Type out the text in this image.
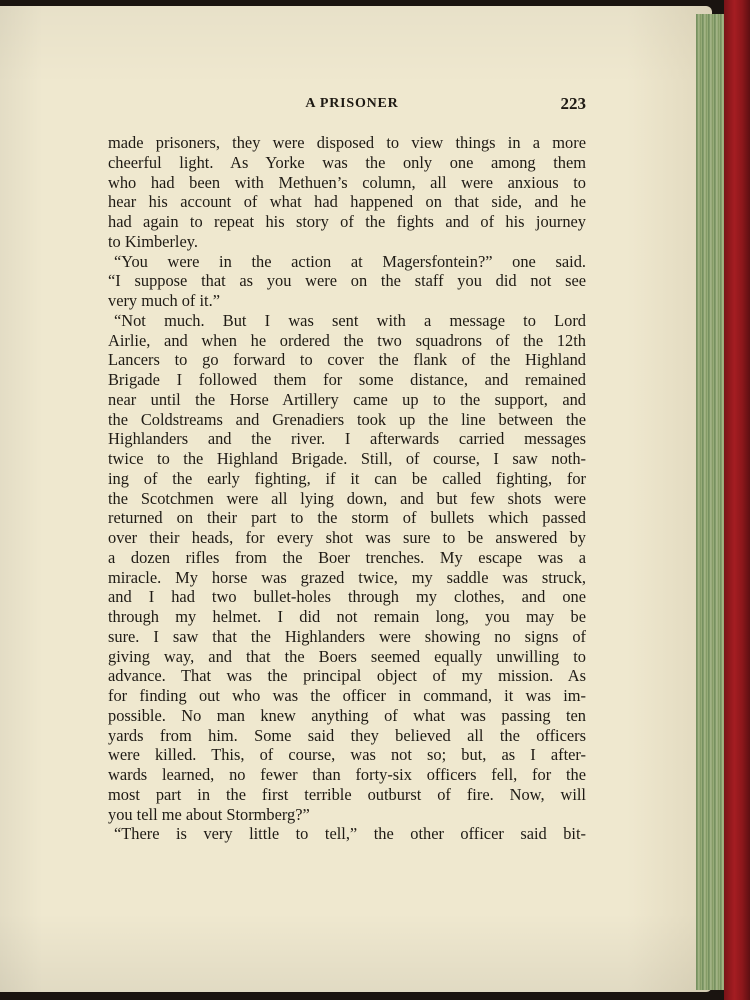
A PRISONER	223
made prisoners, they were disposed to view things in a more
cheerful light. As Yorke was the only one among them
who had been with Methuen’s column, all were anxious to
hear his account of what had happened on that side, and he
had again to repeat his story of the fights and of his journey
to Kimberley.
“You were in the action at Magersfontein?” one said.
“I suppose that as you were on the staff you did not see
very much of it.”
“Not much. But I was sent with a message to Lord
Airlie, and when he ordered the two squadrons of the 12th
Lancers to go forward to cover the flank of the Highland
Brigade I followed them for some distance, and remained
near until the Horse Artillery came up to the support, and
the Coldstreams and Grenadiers took up the line between the
Highlanders and the river. I afterwards carried messages
twice to the Highland Brigade. Still, of course, I saw noth-
ing of the early fighting, if it can be called fighting, for
the Scotchmen were all lying down, and but few shots were
returned on their part to the storm of bullets which passed
over their heads, for every shot was sure to be answered by
a dozen rifles from the Boer trenches. My escape was a
miracle. My horse was grazed twice, my saddle was struck,
and I had two bullet-holes through my clothes, and one
through my helmet. I did not remain long, you may be
sure. I saw that the Highlanders were showing no signs of
giving way, and that the Boers seemed equally unwilling to
advance. That was the principal object of my mission. As
for finding out who was the officer in command, it was im-
possible. No man knew anything of what was passing ten
yards from him. Some said they believed all the officers
were killed. This, of course, was not so; but, as I after-
wards learned, no fewer than forty-six officers fell, for the
most part in the first terrible outburst of fire. Now, will
you tell me about Stormberg?”
“There is very little to tell,” the other officer said bit-
